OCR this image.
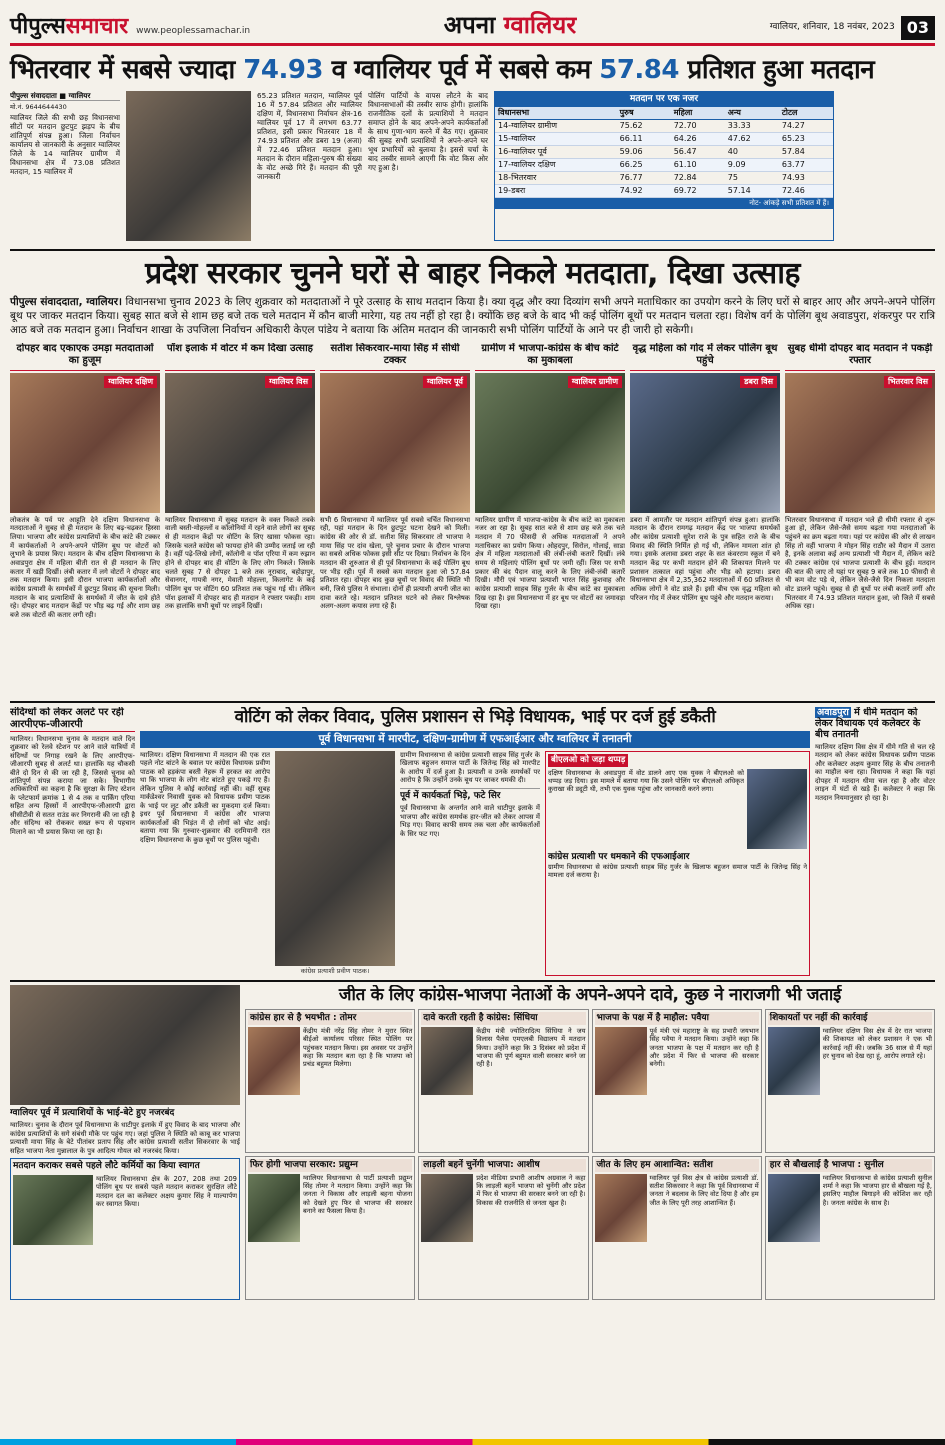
पीपुल्ससमाचार www.peoplessamachar.in	अपना ग्वालियर	ग्वालियर, शनिवार, 18 नवंबर, 2023 03
भितरवार में सबसे ज्यादा 74.93 व ग्वालियर पूर्व में सबसे कम 57.84 प्रतिशत हुआ मतदान
पीपुल्स संवाददाता ■ ग्वालियर
मो.नं. 9644644430
ग्वालियर जिले की सभी छह विधानसभा सीटों पर मतदान छुटपुट झड़प के बीच शांतिपूर्ण संपन्न हुआ। जिला निर्वाचन कार्यालय से जानकारी के अनुसार ग्वालियर जिले के 14 ग्वालियर ग्रामीण में विधानसभा क्षेत्र में 73.08 प्रतिशत मतदान, 15 ग्वालियर में
65.23 प्रतिशत मतदान, ग्वालियर पूर्व 16 में 57.84 प्रतिशत और ग्वालियर दक्षिण में, विधानसभा निर्वाचन क्षेत्र-16 ग्वालियर पूर्व 17 में लगभग 63.77 प्रतिशत, इसी प्रकार भितरवार 18 में 74.93 प्रतिशत और डबरा 19 (अजा) में 72.46 प्रतिशत मतदान हुआ। मतदान के दौरान महिला-पुरुष की संख्या के वोट अच्छे गिरे हैं। मतदान की पूरी जानकारी
पोलिंग पार्टियों के वापस लौटने के बाद विधानसभाओं की तस्वीर साफ होगी। हालांकि राजनीतिक दलों के प्रत्याशियों ने मतदान समाप्त होने के बाद अपने-अपने कार्यकर्ताओं के साथ गुणा-भाग करने में बैठ गए। शुक्रवार की सुबह सभी प्रत्याशियों ने अपने-अपने घर भूथ प्रभारियों को बुलाया है। इससे चर्चा के बाद तस्वीर सामने आएगी कि वोट किस ओर गए हुआ है।
मतदान पर एक नजर
विधानसभा	पुरुष	महिला	अन्य	टोटल
14-ग्वालियर ग्रामीण	75.62	72.70	33.33	74.27
15-ग्वालियर	66.11	64.26	47.62	65.23
16-ग्वालियर पूर्व	59.06	56.47	40	57.84
17-ग्वालियर दक्षिण	66.25	61.10	9.09	63.77
18-भितरवार	76.77	72.84	75	74.93
19-डबरा	74.92	69.72	57.14	72.46
नोट- आंकड़े सभी प्रतिशत में हैं।
प्रदेश सरकार चुनने घरों से बाहर निकले मतदाता, दिखा उत्साह
पीपुल्स संवाददाता, ग्वालियर। विधानसभा चुनाव 2023 के लिए शुक्रवार को मतदाताओं ने पूरे उत्साह के साथ मतदान किया है। क्या वृद्ध और क्या दिव्यांग सभी अपने मताधिकार का उपयोग करने के लिए घरों से बाहर आए और अपने-अपने पोलिंग बूथ पर जाकर मतदान किया। सुबह सात बजे से शाम छह बजे तक चले मतदान में कौन बाजी मारेगा, यह तय नहीं हो रहा है। क्योंकि छह बजे के बाद भी कई पोलिंग बूथों पर मतदान चलता रहा। विशेष वर्ग के पोलिंग बूथ अवाडपुरा, शंकरपुर पर रात्रि आठ बजे तक मतदान हुआ। निर्वाचन शाखा के उपजिला निर्वाचन अधिकारी केएल पांडेय ने बताया कि अंतिम मतदान की जानकारी सभी पोलिंग पार्टियों के आने पर ही जारी हो सकेगी।
दोपहर बाद एकाएक उमड़ा मतदाताओं का हुजूम
ग्वालियर दक्षिण
लोकतंत्र के पर्व पर आहूति देने दक्षिण विधानसभा के मतदाताओं ने सुबह से ही मतदान के लिए बढ़-चढ़कर हिस्सा लिया। भाजपा और कांग्रेस प्रत्याशियों के बीच कांटे की टक्कर में कार्यकर्ताओं ने अपने-अपने पोलिंग बूथ पर वोटरों को लुभाने के प्रयास किए। मतदान के बीच दक्षिण विधानसभा के अवाडपुरा क्षेत्र में महिला बीती रात से ही मतदान के लिए कतार में खड़ी दिखीं। लंबी कतार में लगे वोटरों ने दोपहर बाद तक मतदान किया। इसी दौरान भाजपा कार्यकर्ताओं और कांग्रेस प्रत्याशी के समर्थकों में छुटपुट विवाद की सूचना मिली। मतदान के बाद प्रत्याशियों के समर्थकों में जीत के दावे होते रहे। दोपहर बाद मतदान केंद्रों पर भीड़ बढ़ गई और शाम छह बजे तक वोटरों की कतार लगी रही।
पॉश इलाके में वोटर में कम दिखा उत्साह
ग्वालियर विस
ग्वालियर विधानसभा में सुबह मतदान के वक्त निकले तबके वाली बस्ती-मोहल्लों व कॉलोनियों में रहने वाले लोगों का सुबह से ही मतदान केंद्रों पर वोटिंग के लिए खासा फोकस रहा। जिसके चलते कांग्रेस को फायदा होने की उम्मीद जताई जा रही है। वहीं पढ़े-लिखे लोगों, कॉलोनी व पॉश एरिया में कम रुझान होने से दोपहर बाद ही वोटिंग के लिए लोग निकले। जिसके चलते सुबह 7 से दोपहर 1 बजे तक नूराबाद, बहोड़ापुर, सेवानगर, गायत्री नगर, मेवाती मोहल्ला, किलागेट के कई पोलिंग बूथ पर वोटिंग 60 प्रतिशत तक पहुंच गई थी। लेकिन पॉश इलाकों में दोपहर बाद ही मतदान ने रफ्तार पकड़ी। शाम तक हालांकि सभी बूथों पर लाइनें दिखीं।
सतीश सिकरवार-माया सिंह में सीधी टक्कर
ग्वालियर पूर्व
सभी 6 विधानसभा में ग्वालियर पूर्व सबसे चर्चित विधानसभा रही, यहां मतदान के दिन छुटपुट घटना देखने को मिली। कांग्रेस की ओर से डॉ. सतीश सिंह सिकरवार तो भाजपा ने माया सिंह पर दांव खेला, पूरे चुनाव प्रचार के दौरान भाजपा का सबसे अधिक फोकस इसी सीट पर दिखा। निर्वाचन के दिन मतदान की शुरुआत से ही पूर्व विधानसभा के कई पोलिंग बूथ पर भीड़ रही। पूर्व में सबसे कम मतदान हुआ जो 57.84 प्रतिशत रहा। दोपहर बाद कुछ बूथों पर विवाद की स्थिति भी बनी, जिसे पुलिस ने संभाला। दोनों ही प्रत्याशी अपनी जीत का दावा करते रहे। मतदान प्रतिशत घटने को लेकर विश्लेषक अलग-अलग कयास लगा रहे हैं।
ग्रामीण में भाजपा-कांग्रेस के बीच कांटे का मुकाबला
ग्वालियर ग्रामीण
ग्वालियर ग्रामीण में भाजपा-कांग्रेस के बीच कांटे का मुकाबला नजर आ रहा है। सुबह सात बजे से शाम छह बजे तक चले मतदान में 70 फीसदी से अधिक मतदाताओं ने अपने मताधिकार का प्रयोग किया। ओहदपुर, सिरोल, गोलाई, साडा क्षेत्र में महिला मतदाताओं की लंबी-लंबी कतारें दिखीं। लंबे समय से महिलाएं पोलिंग बूथों पर जमी रहीं। जिस पर सभी प्रकार की बंद पैदान वालू करने के लिए लंबी-लंबी कतारें दिखी। मौरी एवं भाजपा प्रत्याशी भारत सिंह कुशवाह और कांग्रेस प्रत्याशी साहब सिंह गुर्जर के बीच कांटे का मुकाबला दिख रहा है। इस विधानसभा में हर बूथ पर वोटरों का जमावड़ा दिखा रहा।
वृद्ध महिला को गोद में लेकर पोलिंग बूथ पहुंचे
डबरा विस
डबरा में आमतौर पर मतदान शांतिपूर्ण संपन्न हुआ। हालांकि मतदान के दौरान रामगढ़ मतदान केंद्र पर भाजपा समर्थकों और कांग्रेस प्रत्याशी सुरेश राजे के पुत्र सहित राजे के बीच विवाद की स्थिति निर्मित हो गई थी, लेकिन मामला शांत हो गया। इसके अलावा डबरा शहर के सत कंवरराम स्कूल में बने मतदान केंद्र पर कभी मतदान होने की शिकायत मिलने पर प्रशासन तत्काल वहां पहुंचा और भीड़ को हटाया। डबरा विधानसभा क्षेत्र में 2,35,362 मतदाताओं में 60 प्रतिशत से अधिक लोगों ने वोट डाले हैं। इसी बीच एक वृद्ध महिला को परिजन गोद में लेकर पोलिंग बूथ पहुंचे और मतदान कराया।
सुबह धीमी दोपहर बाद मतदान ने पकड़ी रफ्तार
भितरवार विस
भितरवार विधानसभा में मतदान भले ही धीमी रफ्तार से शुरू हुआ हो, लेकिन जैसे-जैसे समय बढ़ता गया मतदाताओं के पहुंचने का क्रम बढ़ता गया। यहां पर कांग्रेस की ओर से लाखन सिंह तो वहीं भाजपा ने मोहन सिंह राठौर को मैदान में उतारा है, इनके अलावा कई अन्य प्रत्याशी भी मैदान में, लेकिन कांटे की टक्कर कांग्रेस एवं भाजपा प्रत्याशी के बीच हुई। मतदान की बात की जाए तो यहां पर सुबह 9 बजे तक 10 फीसदी से भी कम वोट पड़े थे, लेकिन जैसे-जैसे दिन निकला मतदाता वोट डालने पहुंचे। सुबह से ही बूथों पर लंबी कतारें लगीं और भितरवार में 74.93 प्रतिशत मतदान हुआ, जो जिले में सबसे अधिक रहा।
संदिग्धों को लेकर अलर्ट पर रही आरपीएफ-जीआरपी
ग्वालियर। विधानसभा चुनाव के मतदान वाले दिन शुक्रवार को रेलवे स्टेशन पर आने वाले यात्रियों में संदिग्धों पर निगाह रखने के लिए आरपीएफ-जीआरपी सुबह से अलर्ट था। हालांकि यह चौकसी बीते दो दिन से की जा रही है, जिससे चुनाव को शांतिपूर्ण संपन्न कराया जा सके। विभागीय अधिकारियों का कहना है कि सुरक्षा के लिए स्टेशन के प्लेटफार्म क्रमांक 1 से 4 तक व पार्किंग एरिया सहित अन्य हिस्सों में आरपीएफ-जीआरपी द्वारा सीसीटीवी से सतत राउंड कर निगरानी की जा रही है और संदिग्ध को रोककर सख्त रूप से पहचान मिलाने का भी प्रयास किया जा रहा है।
वोटिंग को लेकर विवाद, पुलिस प्रशासन से भिड़े विधायक, भाई पर दर्ज हुई डकैती
पूर्व विधानसभा में मारपीट, दक्षिण-ग्रामीण में एफआईआर और ग्वालियर में तनातनी
ग्वालियर। दक्षिण विधानसभा में मतदान की एक रात पहले नोट बांटने के बवाल पर कांग्रेस विधायक प्रवीण पाठक को हड़कंपा बस्ती नेहरू में हरकत का आरोप था कि भाजपा के लोग नोट बांटते हुए पकड़े गए हैं। लेकिन पुलिस ने कोई कार्रवाई नहीं की। वहीं सुबह मार्कंडेश्वर निवासी युवक को विधायक प्रवीण पाठक के भाई पर लूट और डकैती का मुकदमा दर्ज किया। इधर पूर्व विधानसभा में कांग्रेस और भाजपा कार्यकर्ताओं की भिड़ंत में दो लोगों को चोट आई। बताया गया कि गुरुवार-शुक्रवार की दरमियानी रात दक्षिण विधानसभा के कुछ बूथों पर पुलिस पहुंची।
कांग्रेस प्रत्याशी प्रवीण पाठक।
ग्रामीण विधानसभा से कांग्रेस प्रत्याशी साहब सिंह गुर्जर के खिलाफ बहुजन समाज पार्टी के जितेन्द्र सिंह को मारपीट के आरोप में दर्ज हुआ है। प्रत्याशी व उनके समर्थकों पर आरोप है कि उन्होंने उनके बूथ पर जाकर धमकी दी।
पूर्व में कार्यकर्ता भिड़े, फटे सिर
पूर्व विधानसभा के अन्तर्गत आने वाले धाटीपुर इलाके में भाजपा और कांग्रेस समर्थक हार-जीत को लेकर आपस में भिड़ गए। विवाद काफी समय तक चला और कार्यकर्ताओं के सिर फट गए।
बीएलओ को जड़ा थप्पड़
दक्षिण विधानसभा के अवाडपुरा में वोट डालने आए एक युवक ने बीएलओ को थप्पड़ जड़ दिया। इस मामले में बताया गया कि उसने पोलिंग पर बीएलओ अधिकृत कुराखा की ड्यूटी थी, तभी एक युवक पहुंचा और जानकारी करने लगा।
कांग्रेस प्रत्याशी पर धमकाने की एफआईआर
ग्रामीण विधानसभा से कांग्रेस प्रत्याशी साहब सिंह गुर्जर के खिलाफ बहुजन समाज पार्टी के जितेन्द्र सिंह ने मामला दर्ज कराया है।
अवाडपुरा में धीमे मतदान को लेकर विधायक एवं कलेक्टर के बीच तनातनी
ग्वालियर दक्षिण विस क्षेत्र में धीमे गति से चल रहे मतदान को लेकर कांग्रेस विधायक प्रवीण पाठक और कलेक्टर अक्षय कुमार सिंह के बीच तनातनी का माहौल बना रहा। विधायक ने कहा कि यहां दोपहर में मतदान धीमा चल रहा है और वोटर लाइन में घंटों से खड़े हैं। कलेक्टर ने कहा कि मतदान नियमानुसार हो रहा है।
ग्वालियर पूर्व में प्रत्याशियों के भाई-बेटे हुए नजरबंद
ग्वालियर। चुनाव के दौरान पूर्व विधानसभा के धाटीपुर इलाके में हुए विवाद के बाद भाजपा और कांग्रेस प्रत्याशियों के सगे संबंधी मौके पर पहुंच गए। जहां पुलिस ने स्थिति को काबू कर भाजपा प्रत्याशी माया सिंह के बेटे पीतांबर प्रताप सिंह और कांग्रेस प्रत्याशी सतीश सिकरवार के भाई सहित भाजपा नेता मुन्नालाल के पुत्र आदित्य गोयल को नजरबंद किया।
मतदान कराकर सबसे पहले लौटे कर्मियों का किया स्वागत
ग्वालियर विधानसभा क्षेत्र के 207, 208 तथा 209 पोलिंग बूथ पर सबसे पहले मतदान कराकर सुरक्षित लौटे मतदान दल का कलेक्टर अक्षय कुमार सिंह ने माल्यार्पण कर स्वागत किया।
जीत के लिए कांग्रेस-भाजपा नेताओं के अपने-अपने दावे, कुछ ने नाराजगी भी जताई
कांग्रेस हार से है भयभीत : तोमर
केंद्रीय मंत्री नरेंद्र सिंह तोमर ने मुरार स्थित बीईओ कार्यालय परिसर स्थित पोलिंग पर पहुंचकर मतदान किया। इस अवसर पर उन्होंने कहा कि मतदान बता रहा है कि भाजपा को प्रचंड बहुमत मिलेगा।
दावे करती रहती है कांग्रेस: सिंधिया
केंद्रीय मंत्री ज्योतिरादित्य सिंधिया ने जय विलास पैलेस एमएलबी विद्यालय में मतदान किया। उन्होंने कहा कि 3 दिसंबर को प्रदेश में भाजपा की पूर्ण बहुमत वाली सरकार बनने जा रही है।
भाजपा के पक्ष में है माहौल: पवैया
पूर्व मंत्री एवं महाराष्ट्र के सह प्रभारी जयभान सिंह पवैया ने मतदान किया। उन्होंने कहा कि जनता भाजपा के पक्ष में मतदान कर रही है और प्रदेश में फिर से भाजपा की सरकार बनेगी।
शिकायतों पर नहीं की कार्रवाई
ग्वालियर दक्षिण विस क्षेत्र में देर रात भाजपा की शिकायत को लेकर प्रशासन ने एक भी कार्रवाई नहीं की। जबकि 36 साल से मैं यहां हर चुनाव को देख रहा हूं, आरोप लगाते रहे।
फिर होगी भाजपा सरकार: प्रद्युम्न
ग्वालियर विधानसभा से पार्टी प्रत्याशी प्रद्युम्न सिंह तोमर ने मतदान किया। उन्होंने कहा कि जनता ने विकास और लाड़ली बहना योजना को देखते हुए फिर से भाजपा की सरकार बनाने का फैसला किया है।
लाड़ली बहनें चुनेंगी भाजपा: आशीष
प्रदेश मीडिया प्रभारी आशीष अग्रवाल ने कहा कि लाड़ली बहनें भाजपा को चुनेंगी और प्रदेश में फिर से भाजपा की सरकार बनने जा रही है। विकास की राजनीति से जनता खुश है।
जीत के लिए हम आशान्वित: सतीश
ग्वालियर पूर्व विस क्षेत्र से कांग्रेस प्रत्याशी डॉ. सतीश सिकरवार ने कहा कि पूर्व विधानसभा में जनता ने बदलाव के लिए वोट दिया है और हम जीत के लिए पूरी तरह आशान्वित हैं।
हार से बौखलाई है भाजपा : सुनील
ग्वालियर विधानसभा से कांग्रेस प्रत्याशी सुनील शर्मा ने कहा कि भाजपा हार से बौखला गई है, इसलिए माहौल बिगाड़ने की कोशिश कर रही है। जनता कांग्रेस के साथ है।
